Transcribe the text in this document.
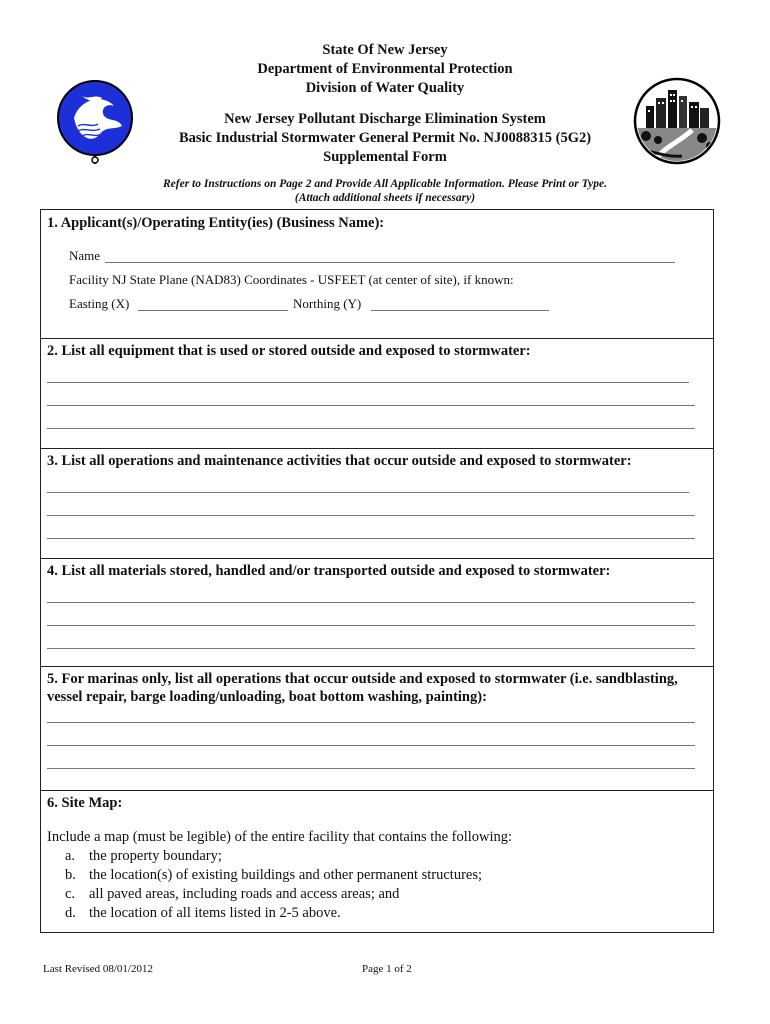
State Of New Jersey
Department of Environmental Protection
Division of Water Quality
New Jersey Pollutant Discharge Elimination System
Basic Industrial Stormwater General Permit No. NJ0088315 (5G2)
Supplemental Form
Refer to Instructions on Page 2 and Provide All Applicable Information. Please Print or Type.
(Attach additional sheets if necessary)
1. Applicant(s)/Operating Entity(ies) (Business Name):
Name
Facility NJ State Plane (NAD83) Coordinates - USFEET (at center of site), if known:
Easting (X)	Northing (Y)
2. List all equipment that is used or stored outside and exposed to stormwater:
3. List all operations and maintenance activities that occur outside and exposed to stormwater:
4. List all materials stored, handled and/or transported outside and exposed to stormwater:
5. For marinas only, list all operations that occur outside and exposed to stormwater (i.e. sandblasting, vessel repair, barge loading/unloading, boat bottom washing, painting):
6. Site Map:
Include a map (must be legible) of the entire facility that contains the following:
a. the property boundary;
b. the location(s) of existing buildings and other permanent structures;
c. all paved areas, including roads and access areas; and
d. the location of all items listed in 2-5 above.
Last Revised 08/01/2012	Page 1 of 2
